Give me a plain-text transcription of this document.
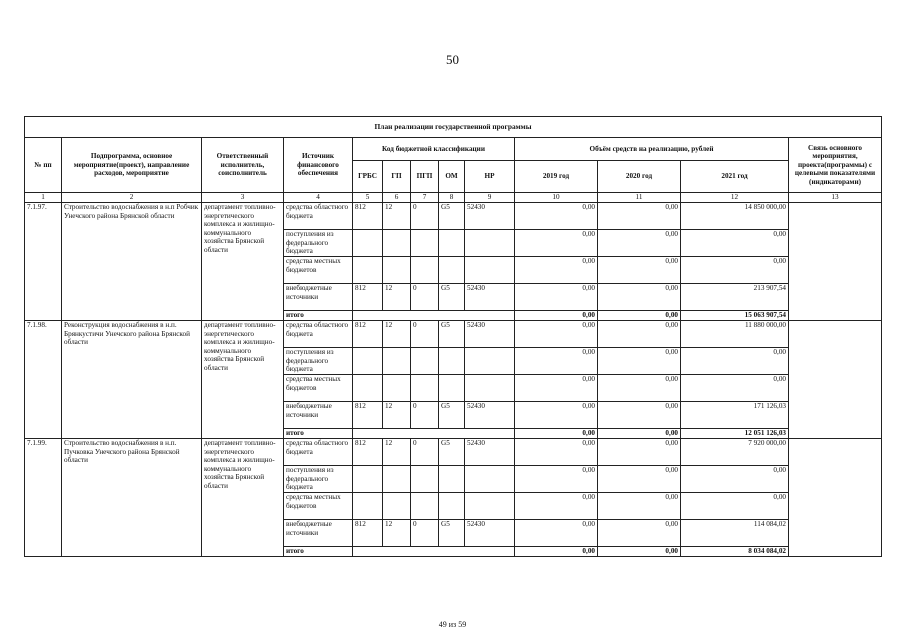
50
План реализации государственной программы												
№ пп	Подпрограмма, основное мероприятие(проект), направление расходов, мероприятие	Ответственный исполнитель, соисполнитель	Источник финансового обеспечения	Код бюджетной классификации					Объём средств на реализацию, рублей			Связь основного мероприятия, проекта(программы) с целевыми показателями (индикаторами)
				ГРБС	ГП	ПГП	ОМ	НР	2019 год	2020 год	2021 год	
1	2	3	4	5	6	7	8	9	10	11	12	13
7.1.97.	Строительство водоснабжения в н.п Робчик Унечского района Брянской области	департамент топливно-энергетического комплекса и жилищно-коммунального хозяйства Брянской области	средства областного бюджета	812	12	0	G5	52430	0,00	0,00	14 850 000,00	
			поступления из федерального бюджета						0,00	0,00	0,00	
			средства местных бюджетов						0,00	0,00	0,00	
			внебюджетные источники	812	12	0	G5	52430	0,00	0,00	213 907,54	
			итого						0,00	0,00	15 063 907,54	
7.1.98.	Реконструкция водоснабжения в н.п. Брянкустичи Унечского района Брянской области	департамент топливно-энергетического комплекса и жилищно-коммунального хозяйства Брянской области	средства областного бюджета	812	12	0	G5	52430	0,00	0,00	11 880 000,00	
			поступления из федерального бюджета						0,00	0,00	0,00	
			средства местных бюджетов						0,00	0,00	0,00	
			внебюджетные источники	812	12	0	G5	52430	0,00	0,00	171 126,03	
			итого						0,00	0,00	12 051 126,03	
7.1.99.	Строительство водоснабжения в н.п. Пучковка Унечского района Брянской области	департамент топливно-энергетического комплекса и жилищно-коммунального хозяйства Брянской области	средства областного бюджета	812	12	0	G5	52430	0,00	0,00	7 920 000,00	
			поступления из федерального бюджета						0,00	0,00	0,00	
			средства местных бюджетов						0,00	0,00	0,00	
			внебюджетные источники	812	12	0	G5	52430	0,00	0,00	114 084,02	
			итого						0,00	0,00	8 034 084,02	
49 из 59
